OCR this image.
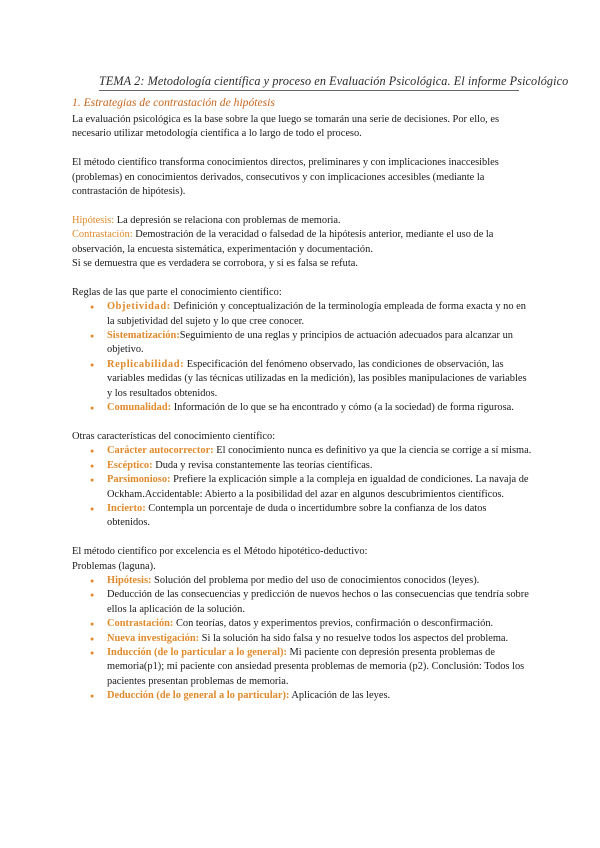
TEMA 2: Metodología científica y proceso en Evaluación Psicológica. El informe Psicológico
1. Estrategias de contrastación de hipótesis

La evaluación psicológica es la base sobre la que luego se tomarán una serie de decisiones. Por ello, es necesario utilizar metodología científica a lo largo de todo el proceso.

El método científico transforma conocimientos directos, preliminares y con implicaciones inaccesibles (problemas) en conocimientos derivados, consecutivos y con implicaciones accesibles (mediante la contrastación de hipótesis).

Hipótesis: La depresión se relaciona con problemas de memoria.

Contrastación: Demostración de la veracidad o falsedad de la hipótesis anterior, mediante el uso de la observación, la encuesta sistemática, experimentación y documentación.

Si se demuestra que es verdadera se corrobora, y si es falsa se refuta.

Reglas de las que parte el conocimiento científico:

● Objetividad: Definición y conceptualización de la terminología empleada de forma exacta y no en la subjetividad del sujeto y lo que cree conocer.
● Sistematización:Seguimiento de una reglas y principios de actuación adecuados para alcanzar un objetivo.
● Replicabilidad: Especificación del fenómeno observado, las condiciones de observación, las variables medidas (y las técnicas utilizadas en la medición), las posibles manipulaciones de variables y los resultados obtenidos.
● Comunalidad: Información de lo que se ha encontrado y cómo (a la sociedad) de forma rigurosa.

Otras características del conocimiento científico:

● Carácter autocorrector: El conocimiento nunca es definitivo ya que la ciencia se corrige a sí misma.
● Escéptico: Duda y revisa constantemente las teorías científicas.
● Parsimonioso: Prefiere la explicación simple a la compleja en igualdad de condiciones. La navaja de Ockham.Accidentable: Abierto a la posibilidad del azar en algunos descubrimientos científicos.
● Incierto: Contempla un porcentaje de duda o incertidumbre sobre la confianza de los datos obtenidos.

El método científico por excelencia es el Método hipotético-deductivo:

Problemas (laguna).

● Hipótesis: Solución del problema por medio del uso de conocimientos conocidos (leyes).
● Deducción de las consecuencias y predicción de nuevos hechos o las consecuencias que tendría sobre ellos la aplicación de la solución.
● Contrastación: Con teorías, datos y experimentos previos, confirmación o desconfirmación.
● Nueva investigación: Si la solución ha sido falsa y no resuelve todos los aspectos del problema.
● Inducción (de lo particular a lo general): Mi paciente con depresión presenta problemas de memoria(p1); mi paciente con ansiedad presenta problemas de memoria (p2). Conclusión: Todos los pacientes presentan problemas de memoria.
● Deducción (de lo general a lo particular): Aplicación de las leyes.
